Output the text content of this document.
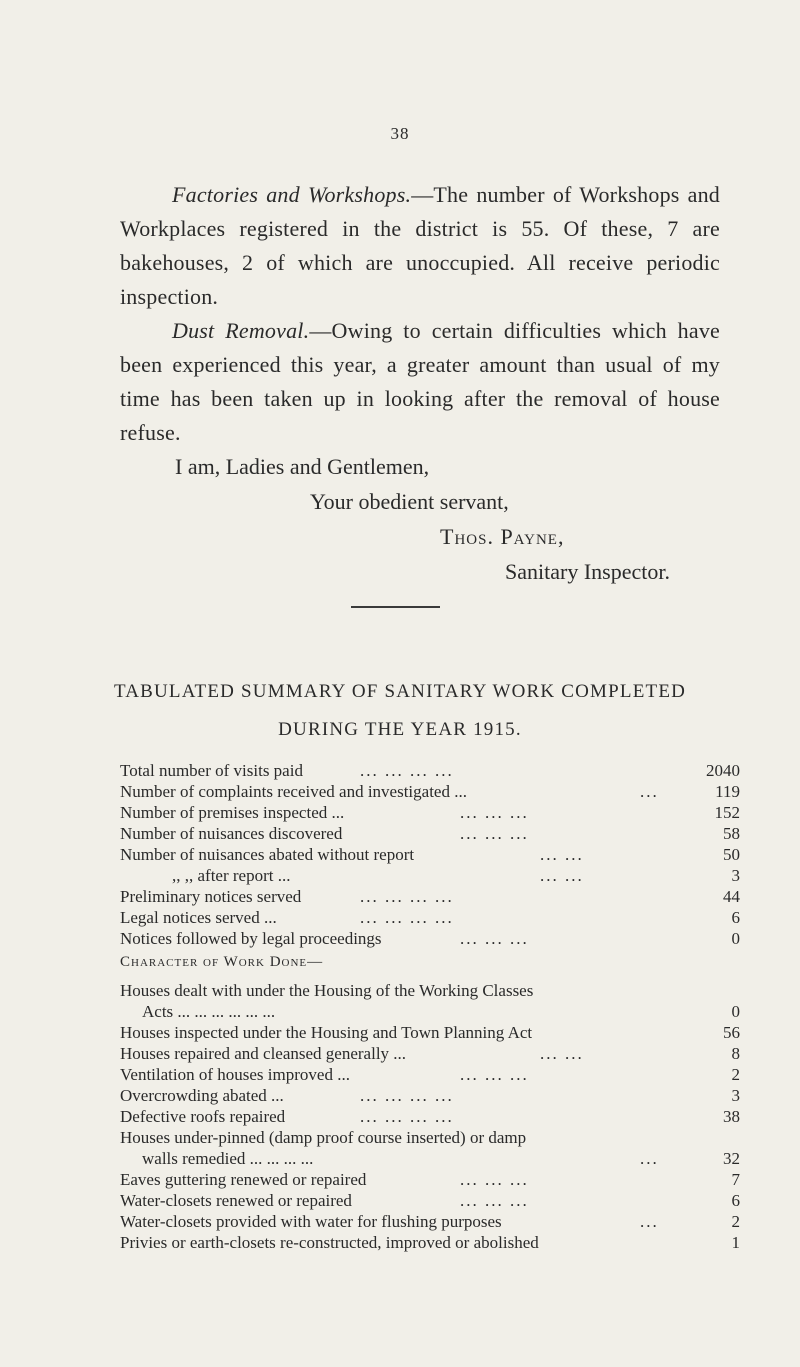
38
Factories and Workshops.—The number of Workshops and Workplaces registered in the district is 55. Of these, 7 are bakehouses, 2 of which are unoccupied. All receive periodic inspection.
Dust Removal.—Owing to certain difficulties which have been experienced this year, a greater amount than usual of my time has been taken up in looking after the removal of house refuse.
I am, Ladies and Gentlemen,
Your obedient servant,
Thos. Payne,
Sanitary Inspector.
TABULATED SUMMARY OF SANITARY WORK COMPLETED
DURING THE YEAR 1915.
Total number of visits paid	... ... ... ...	2040
Number of complaints received and investigated ...	...	119
Number of premises inspected ...	... ... ...	152
Number of nuisances discovered	... ... ...	58
Number of nuisances abated without report	... ...	50
,, ,, after report ...	... ...	3
Preliminary notices served	... ... ... ...	44
Legal notices served ...	... ... ... ...	6
Notices followed by legal proceedings	... ... ...	0
Character of Work Done—
Houses dealt with under the Housing of the Working Classes
Acts ... ... ... ... ... ...	0
Houses inspected under the Housing and Town Planning Act	56
Houses repaired and cleansed generally ...	... ...	8
Ventilation of houses improved ...	... ... ...	2
Overcrowding abated ...	... ... ... ...	3
Defective roofs repaired	... ... ... ...	38
Houses under-pinned (damp proof course inserted) or damp
walls remedied ... ... ... ...	...	32
Eaves guttering renewed or repaired	... ... ...	7
Water-closets renewed or repaired	... ... ...	6
Water-closets provided with water for flushing purposes	...	2
Privies or earth-closets re-constructed, improved or abolished	1
